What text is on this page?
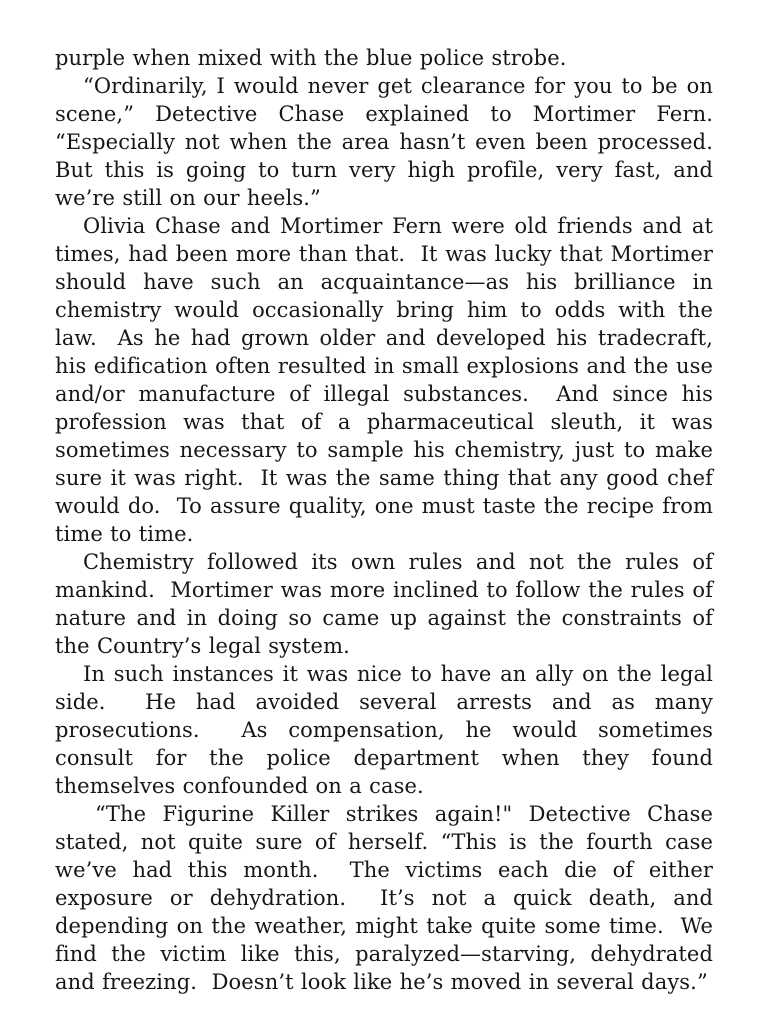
purple when mixed with the blue police strobe.

“Ordinarily, I would never get clearance for you to be on scene,” Detective Chase explained to Mortimer Fern. “Especially not when the area hasn’t even been processed. But this is going to turn very high profile, very fast, and we’re still on our heels.”

Olivia Chase and Mortimer Fern were old friends and at times, had been more than that.  It was lucky that Mortimer should have such an acquaintance—as his brilliance in chemistry would occasionally bring him to odds with the law.  As he had grown older and developed his tradecraft, his edification often resulted in small explosions and the use and/or manufacture of illegal substances.  And since his profession was that of a pharmaceutical sleuth, it was sometimes necessary to sample his chemistry, just to make sure it was right.  It was the same thing that any good chef would do.  To assure quality, one must taste the recipe from time to time.

Chemistry followed its own rules and not the rules of mankind.  Mortimer was more inclined to follow the rules of nature and in doing so came up against the constraints of the Country’s legal system.

In such instances it was nice to have an ally on the legal side.  He had avoided several arrests and as many prosecutions.  As compensation, he would sometimes consult for the police department when they found themselves confounded on a case.

“The Figurine Killer strikes again!" Detective Chase stated, not quite sure of herself. “This is the fourth case we’ve had this month.  The victims each die of either exposure or dehydration.  It’s not a quick death, and depending on the weather, might take quite some time.  We find the victim like this, paralyzed—starving, dehydrated and freezing.  Doesn’t look like he’s moved in several days.”
